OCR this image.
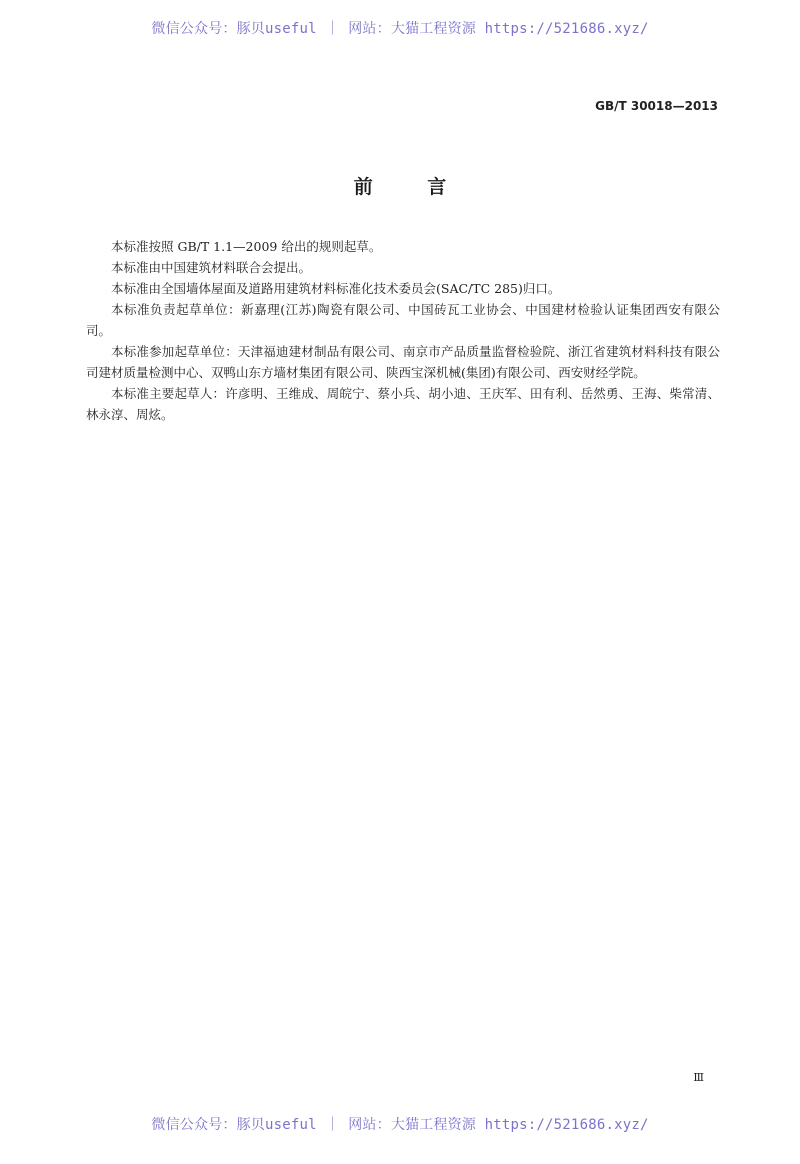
微信公众号：豚贝useful ｜ 网站：大猫工程资源 https://521686.xyz/
GB/T 30018—2013
前 言

本标准按照 GB/T 1.1—2009 给出的规则起草。

本标准由中国建筑材料联合会提出。

本标准由全国墙体屋面及道路用建筑材料标准化技术委员会(SAC/TC 285)归口。

本标准负责起草单位：新嘉理(江苏)陶瓷有限公司、中国砖瓦工业协会、中国建材检验认证集团西安有限公司。

本标准参加起草单位：天津福迪建材制品有限公司、南京市产品质量监督检验院、浙江省建筑材料科技有限公司建材质量检测中心、双鸭山东方墙材集团有限公司、陕西宝深机械(集团)有限公司、西安财经学院。

本标准主要起草人：许彦明、王维成、周皖宁、蔡小兵、胡小迪、王庆军、田有利、岳然勇、王海、柴常清、林永淳、周炫。

Ⅲ
微信公众号：豚贝useful ｜ 网站：大猫工程资源 https://521686.xyz/
